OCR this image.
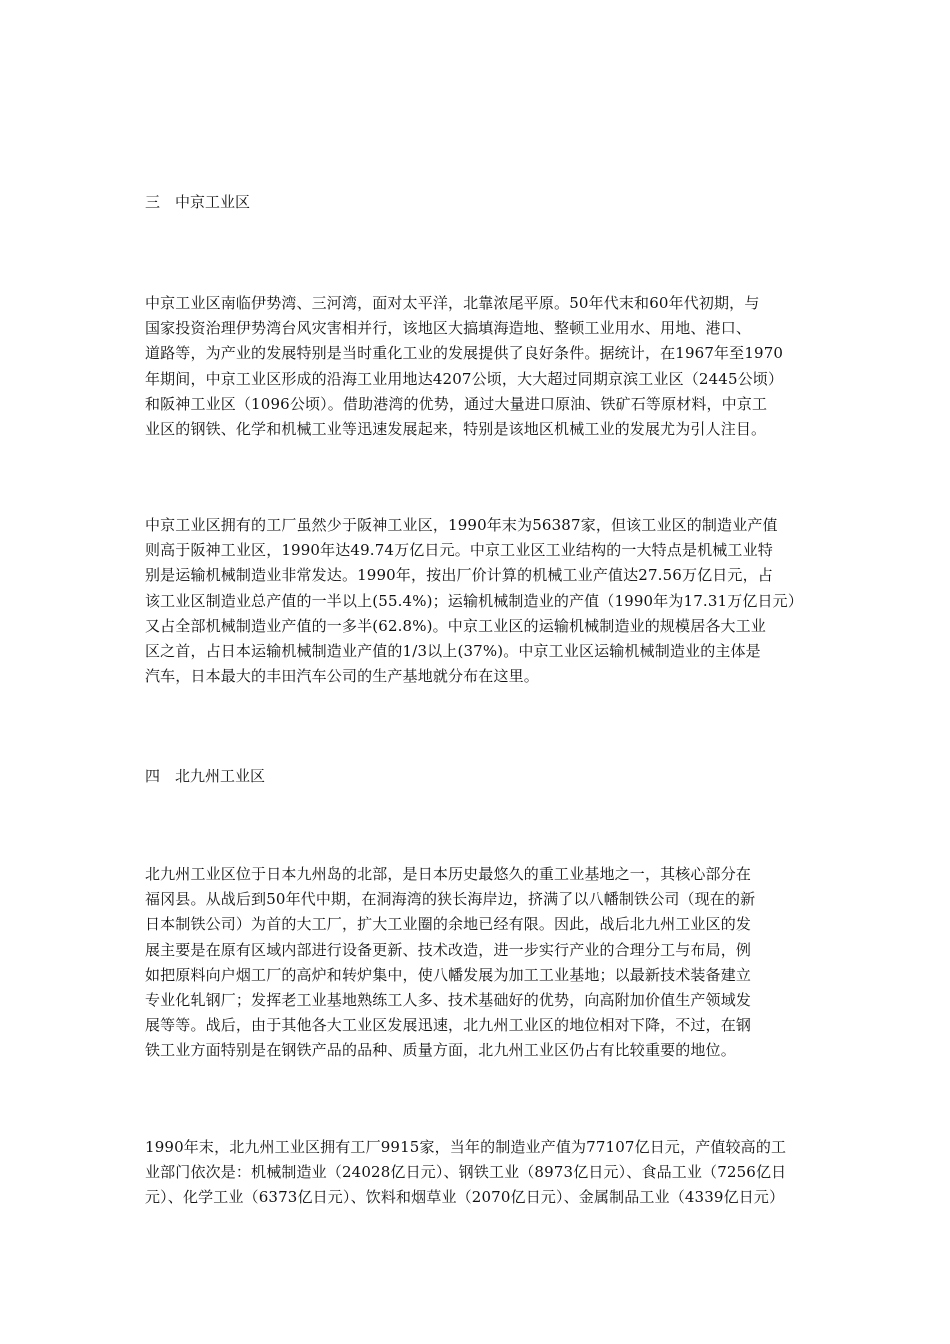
三　中京工业区
中京工业区南临伊势湾、三河湾，面对太平洋，北靠浓尾平原。50年代末和60年代初期，与
国家投资治理伊势湾台风灾害相并行，该地区大搞填海造地、整顿工业用水、用地、港口、
道路等，为产业的发展特别是当时重化工业的发展提供了良好条件。据统计，在1967年至1970
年期间，中京工业区形成的沿海工业用地达4207公顷，大大超过同期京滨工业区（2445公顷）
和阪神工业区（1096公顷）。借助港湾的优势，通过大量进口原油、铁矿石等原材料，中京工
业区的钢铁、化学和机械工业等迅速发展起来，特别是该地区机械工业的发展尤为引人注目。
中京工业区拥有的工厂虽然少于阪神工业区，1990年末为56387家，但该工业区的制造业产值
则高于阪神工业区，1990年达49.74万亿日元。中京工业区工业结构的一大特点是机械工业特
别是运输机械制造业非常发达。1990年，按出厂价计算的机械工业产值达27.56万亿日元，占
该工业区制造业总产值的一半以上(55.4%)；运输机械制造业的产值（1990年为17.31万亿日元）
又占全部机械制造业产值的一多半(62.8%)。中京工业区的运输机械制造业的规模居各大工业
区之首，占日本运输机械制造业产值的1/3以上(37%)。中京工业区运输机械制造业的主体是
汽车，日本最大的丰田汽车公司的生产基地就分布在这里。
四　北九州工业区
北九州工业区位于日本九州岛的北部，是日本历史最悠久的重工业基地之一，其核心部分在
福冈县。从战后到50年代中期，在洞海湾的狭长海岸边，挤满了以八幡制铁公司（现在的新
日本制铁公司）为首的大工厂，扩大工业圈的余地已经有限。因此，战后北九州工业区的发
展主要是在原有区域内部进行设备更新、技术改造，进一步实行产业的合理分工与布局，例
如把原料向户烟工厂的高炉和转炉集中，使八幡发展为加工工业基地；以最新技术装备建立
专业化轧钢厂；发挥老工业基地熟练工人多、技术基础好的优势，向高附加价值生产领域发
展等等。战后，由于其他各大工业区发展迅速，北九州工业区的地位相对下降，不过，在钢
铁工业方面特别是在钢铁产品的品种、质量方面，北九州工业区仍占有比较重要的地位。
1990年末，北九州工业区拥有工厂9915家，当年的制造业产值为77107亿日元，产值较高的工
业部门依次是：机械制造业（24028亿日元）、钢铁工业（8973亿日元）、食品工业（7256亿日
元）、化学工业（6373亿日元）、饮料和烟草业（2070亿日元）、金属制品工业（4339亿日元）
